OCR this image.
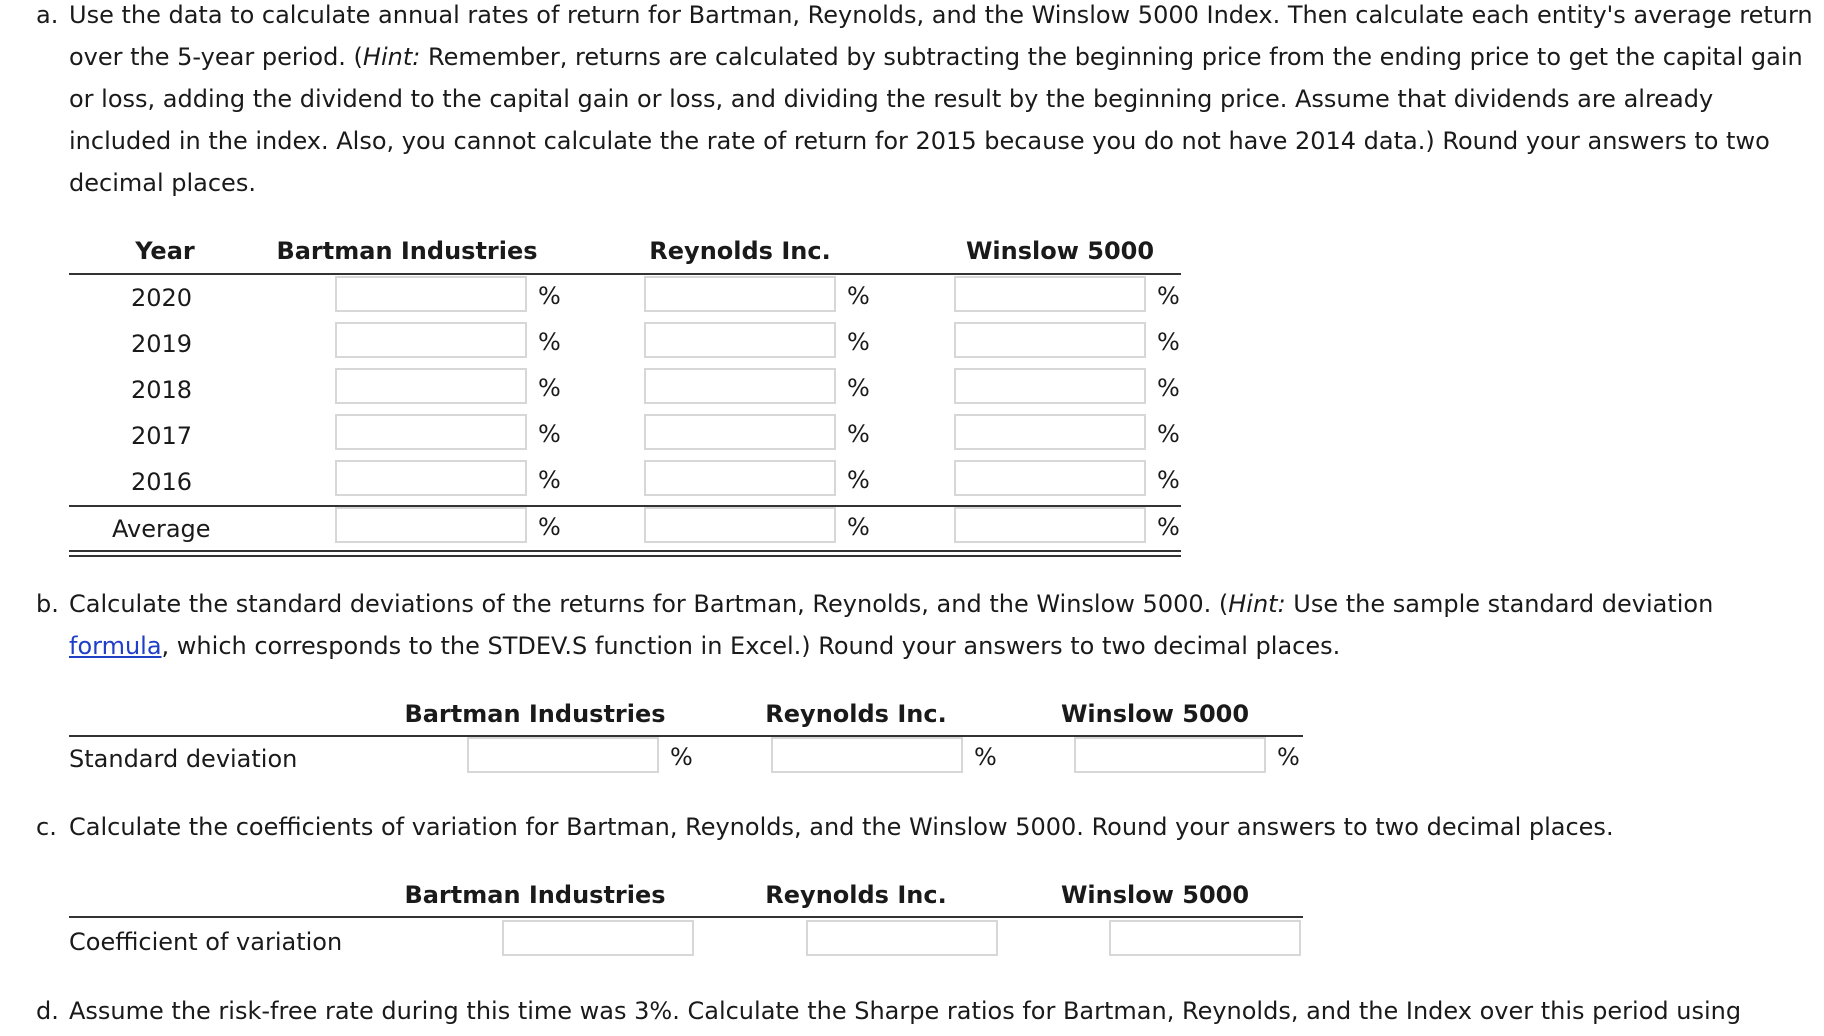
a. Use the data to calculate annual rates of return for Bartman, Reynolds, and the Winslow 5000 Index. Then calculate each entity's average return over the 5-year period. (Hint: Remember, returns are calculated by subtracting the beginning price from the ending price to get the capital gain or loss, adding the dividend to the capital gain or loss, and dividing the result by the beginning price. Assume that dividends are already included in the index. Also, you cannot calculate the rate of return for 2015 because you do not have 2014 data.) Round your answers to two decimal places.
Year	Bartman Industries	Reynolds Inc.	Winslow 5000
2020	%	%	%
2019	%	%	%
2018	%	%	%
2017	%	%	%
2016	%	%	%
Average	%	%	%
b. Calculate the standard deviations of the returns for Bartman, Reynolds, and the Winslow 5000. (Hint: Use the sample standard deviation formula, which corresponds to the STDEV.S function in Excel.) Round your answers to two decimal places.
Bartman Industries	Reynolds Inc.	Winslow 5000
Standard deviation	%	%	%
c. Calculate the coefficients of variation for Bartman, Reynolds, and the Winslow 5000. Round your answers to two decimal places.
Bartman Industries	Reynolds Inc.	Winslow 5000
Coefficient of variation
d. Assume the risk-free rate during this time was 3%. Calculate the Sharpe ratios for Bartman, Reynolds, and the Index over this period using
